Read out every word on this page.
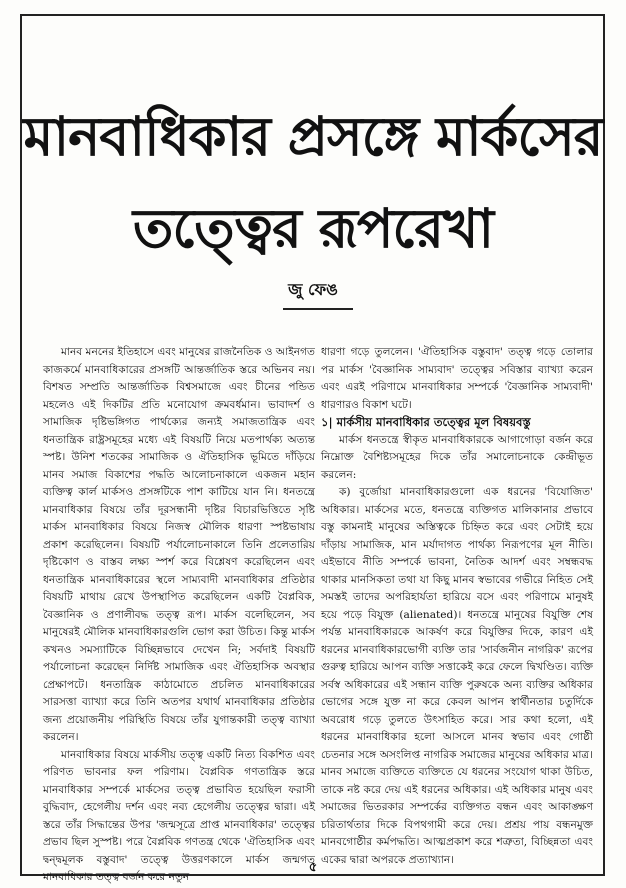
মানবাধিকার প্রসঙ্গে মার্কসের
তত্ত্বের রূপরেখা
জু ফেঙ

মানব মননের ইতিহাসে এবং মানুষের রাজনৈতিক ও আইনগত কাজকর্মে মানবাধিকারের প্রসঙ্গটি আন্তর্জাতিক স্তরে অভিনব নয়। বিশষত সম্প্রতি আন্তর্জাতিক বিশ্বসমাজে এবং চীনের পন্ডিত মহলেও এই দিকটির প্রতি মনোযোগ ক্রমবর্ধমান। ভাবাদর্শ ও সামাজিক দৃষ্টিভঙ্গিগত পার্থক্যের জন্যই সমাজতান্ত্রিক এবং ধনতান্ত্রিক রাষ্ট্রসমূহের মধ্যে এই বিষয়টি নিয়ে মতপার্থক্য অত্যন্ত স্পষ্ট। উনিশ শতকের সামাজিক ও ঐতিহাসিক ভূমিতে দাঁড়িয়ে মানব সমাজ বিকাশের পদ্ধতি আলোচনাকালে একজন মহান ব্যক্তিত্ব কার্ল মার্কসও প্রসঙ্গটিকে পাশ কাটিয়ে যান নি। ধনতন্ত্রে মানবাধিকার বিষয়ে তাঁর দূরসন্ধানী দৃষ্টির বিচারভিত্তিতে সৃষ্টি মার্কস মানবাধিকার বিষয়ে নিজস্ব মৌলিক ধারণা স্পষ্টভাষায় প্রকাশ করেছিলেন। বিষয়টি পর্যালোচনাকালে তিনি প্রলেতারিয় দৃষ্টিকোণ ও বাস্তব লক্ষ্য স্পর্শ করে বিশ্লেষণ করেছিলেন এবং ধনতান্ত্রিক মানবাধিকারের স্থলে সাম্যবাদী মানবাধিকার প্রতিষ্ঠার বিষয়টি মাথায় রেখে উপস্থাপিত করেছিলেন একটি বৈপ্লবিক, বৈজ্ঞানিক ও প্রণালীবদ্ধ তত্ত্ব রূপ। মার্কস বলেছিলেন, সব মানুষেরই মৌলিক মানবাধিকারগুলি ভোগ করা উচিত। কিন্তু মার্কস কখনও সমস্যাটিকে বিচ্ছিন্নভাবে দেখেন নি; সর্বদাই বিষয়টি পর্যালোচনা করেছেন নির্দিষ্ট সামাজিক এবং ঐতিহাসিক অবস্থার প্রেক্ষাপটে। ধনতান্ত্রিক কাঠামোতে প্রচলিত মানবাধিকারের সারসত্তা ব্যাখ্যা করে তিনি অতপর যথার্থ মানবাধিকার প্রতিষ্ঠার জন্য প্রয়োজনীয় পরিস্থিতি বিষয়ে তাঁর যুগান্তকারী তত্ত্ব ব্যাখ্যা করলেন।

মানবাধিকার বিষয়ে মার্কসীয় তত্ত্ব একটি নিত্য বিকশিত এবং পরিণত ভাবনার ফল পরিণাম। বৈপ্লবিক গণতান্ত্রিক স্তরে মানবাধিকার সম্পর্কে মার্কসের তত্ত্ব প্রভাবিত হয়েছিল ফরাসী বুদ্ধিবাদ, হেগেলীয় দর্শন এবং নব্য হেগেলীয় তত্ত্বের দ্বারা। এই স্তরে তাঁর সিদ্ধান্তের উপর 'জন্মসূত্রে প্রাপ্ত মানবাধিকার' তত্ত্বের প্রভাব ছিল সুস্পষ্ট। পরে বৈপ্লবিক গণতন্ত্র থেকে 'ঐতিহাসিক এবং দ্বন্দ্বমূলক বস্তুবাদ' তত্ত্বে উত্তরণকালে মার্কস জন্মগত মানবাধিকার তত্ত্ব বর্জন করে নতুন

ধারণা গড়ে তুললেন। 'ঐতিহাসিক বস্তুবাদ' তত্ত্ব গড়ে তোলার পর মার্কস 'বৈজ্ঞানিক সাম্যবাদ' তত্ত্বের সবিস্তার ব্যাখ্যা করেন এবং এরই পরিণামে মানবাধিকার সম্পর্কে 'বৈজ্ঞানিক সাম্যবাদী' ধারণারও বিকাশ ঘটে।

১| মার্কসীয় মানবাধিকার তত্ত্বের মূল বিষয়বস্তু

মার্কস ধনতন্ত্রে স্বীকৃত মানবাধিকারকে আগাগোড়া বর্জন করে নিম্নোক্ত বৈশিষ্ট্যসমূহের দিকে তাঁর সমালোচনাকে কেন্দ্রীভূত করলেন:

ক) বুর্জোয়া মানবাধিকারগুলো এক ধরনের 'বিযোজিত' অধিকার। মার্কসের মতে, ধনতন্ত্রে ব্যক্তিগত মালিকানার প্রভাবে বস্তু কামনাই মানুষের অস্তিত্বকে চিহ্নিত করে এবং সেটাই হয়ে দাঁড়ায় সামাজিক, মান মর্যাদাগত পার্থক্য নিরূপণের মূল নীতি। এইভাবে নীতি সম্পর্কে ভাবনা, নৈতিক আদর্শ এবং সম্বন্ধবদ্ধ থাকার মানসিকতা তথা যা কিছু মানব স্বভাবের গভীরে নিহিত সেই সমস্তই তাদের অপরিহার্যতা হারিয়ে বসে এবং পরিণামে মানুষই হয়ে পড়ে বিযুক্ত (alienated)। ধনতন্ত্রে মানুষের বিযুক্তি শেষ পর্যন্ত মানবাধিকারকে আকর্ষণ করে বিযুক্তির দিকে, কারণ এই ধরনের মানবাধিকারভোগী ব্যক্তি তার 'সার্বজনীন নাগরিক' রূপের গুরুত্ব হারিয়ে আপন ব্যক্তি সত্তাকেই করে ফেলে দ্বিখণ্ডিত। ব্যক্তি সর্বস্ব অধিকারের এই সন্ধান ব্যক্তি পুরুষকে অন্য ব্যক্তির অধিকার ভোগের সঙ্গে যুক্ত না করে কেবল আপন স্বার্থীনতার চতুর্দিকে অবরোধ গড়ে তুলতে উৎসাহিত করে। সার কথা হলো, এই ধরনের মানবাধিকার হলো আসলে মানব স্বভাব এবং গোষ্ঠী চেতনার সঙ্গে অসংলিপ্ত নাগরিক সমাজের মানুষের অধিকার মাত্র। মানব সমাজে ব্যক্তিতে ব্যক্তিতে যে ধরনের সংযোগ থাকা উচিত, তাকে নষ্ট করে দেয় এই ধরনের অধিকার। এই অধিকার মানুষ এবং সমাজের ভিতরকার সম্পর্কের ব্যক্তিগত বন্ধন এবং আকাঙ্ক্ষণ চরিতার্থতার দিকে বিপথগামী করে দেয়। প্রশ্রয় পায় বন্ধনমুক্ত মানবগোষ্ঠীর কর্মপদ্ধতি। আত্মপ্রকাশ করে শত্রুতা, বিচ্ছিন্নতা এবং একের দ্বারা অপরকে প্রত্যাখ্যান।

৫
